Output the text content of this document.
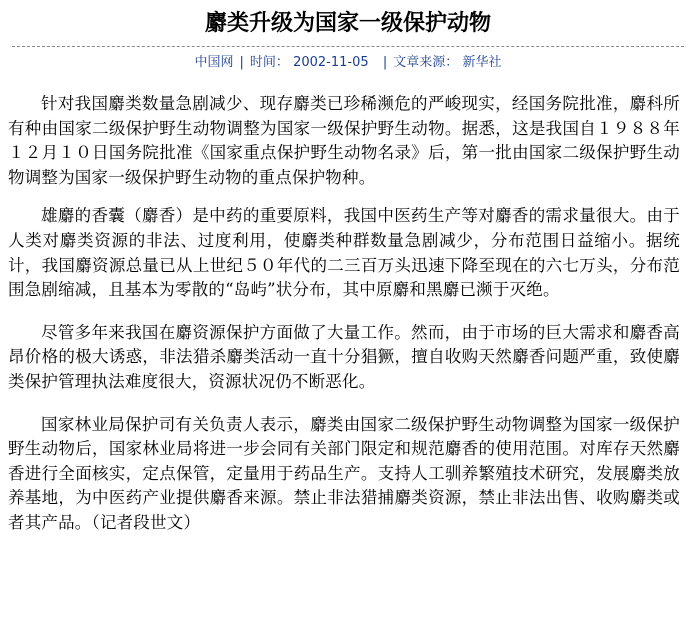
麝类升级为国家一级保护动物
中国网 | 时间： 2002-11-05 | 文章来源： 新华社

针对我国麝类数量急剧减少、现存麝类已珍稀濒危的严峻现实，经国务院批准，麝科所有种由国家二级保护野生动物调整为国家一级保护野生动物。据悉，这是我国自１９８８年１２月１０日国务院批准《国家重点保护野生动物名录》后，第一批由国家二级保护野生动物调整为国家一级保护野生动物的重点保护物种。

雄麝的香囊（麝香）是中药的重要原料，我国中医药生产等对麝香的需求量很大。由于人类对麝类资源的非法、过度利用，使麝类种群数量急剧减少，分布范围日益缩小。据统计，我国麝资源总量已从上世纪５０年代的二三百万头迅速下降至现在的六七万头，分布范围急剧缩减，且基本为零散的“岛屿”状分布，其中原麝和黑麝已濒于灭绝。

尽管多年来我国在麝资源保护方面做了大量工作。然而，由于市场的巨大需求和麝香高昂价格的极大诱惑，非法猎杀麝类活动一直十分猖獗，擅自收购天然麝香问题严重，致使麝类保护管理执法难度很大，资源状况仍不断恶化。

国家林业局保护司有关负责人表示，麝类由国家二级保护野生动物调整为国家一级保护野生动物后，国家林业局将进一步会同有关部门限定和规范麝香的使用范围。对库存天然麝香进行全面核实，定点保管，定量用于药品生产。支持人工驯养繁殖技术研究，发展麝类放养基地，为中医药产业提供麝香来源。禁止非法猎捕麝类资源，禁止非法出售、收购麝类或者其产品。（记者段世文）
